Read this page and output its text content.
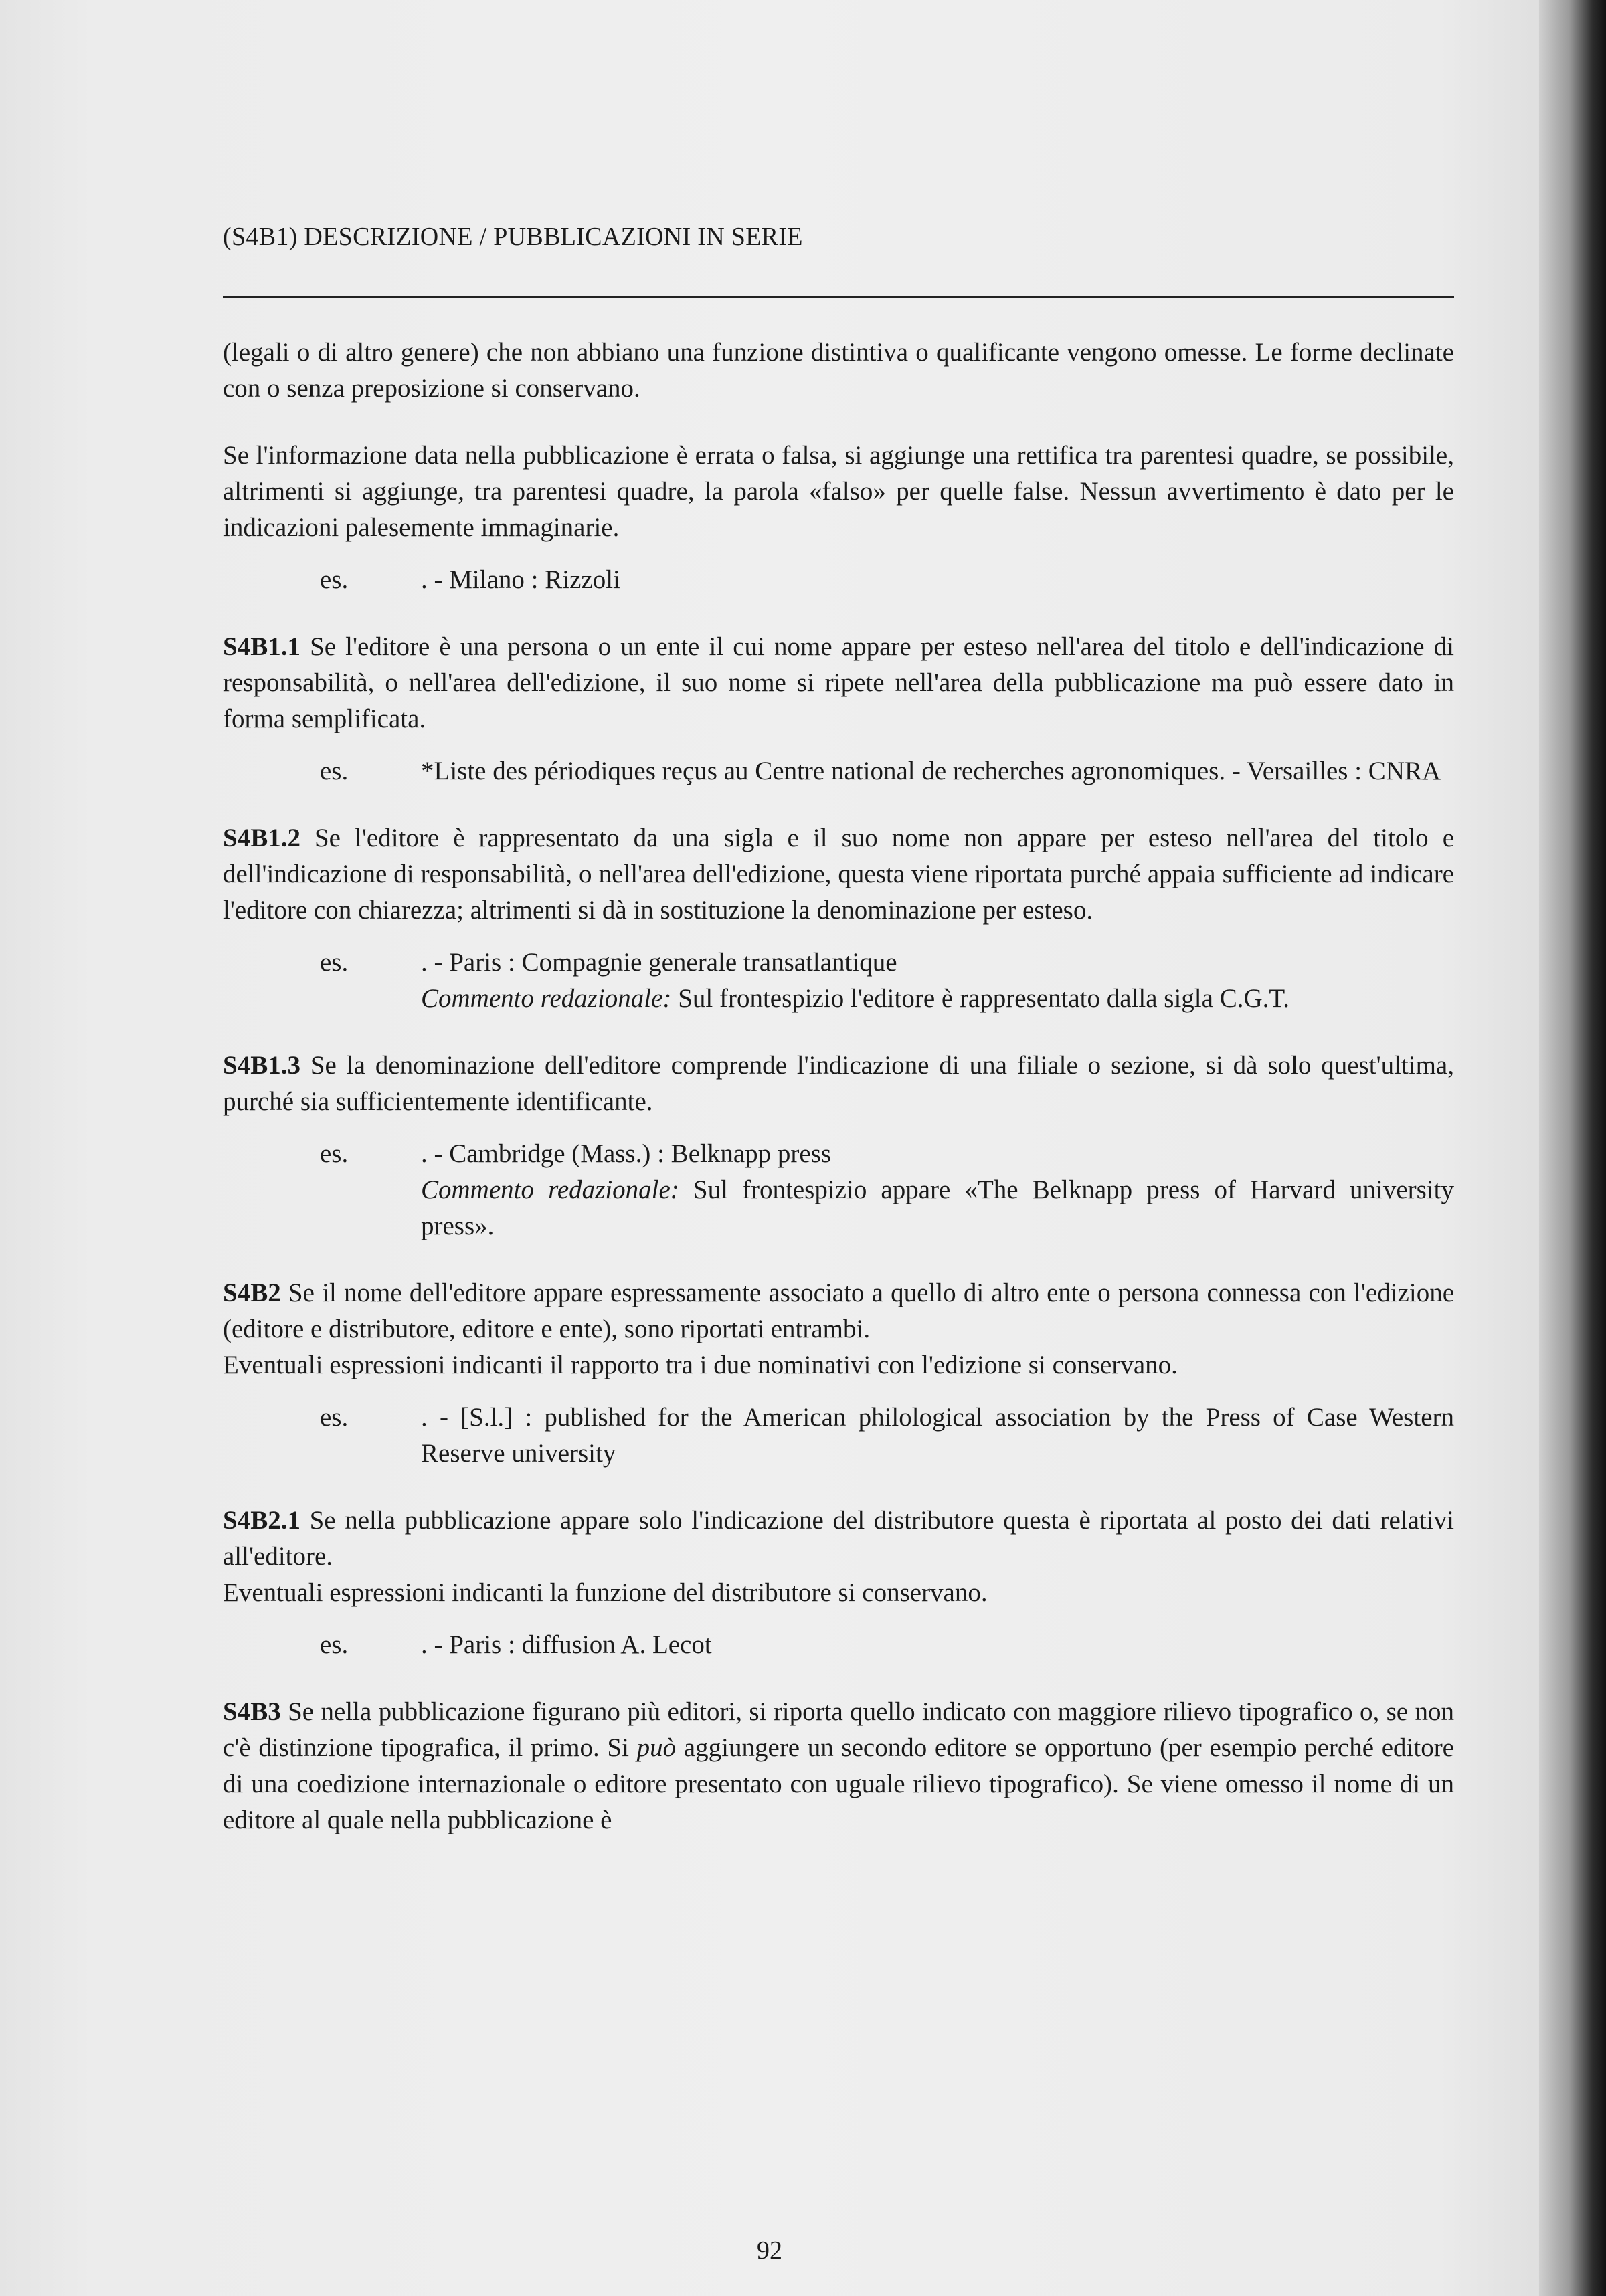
(S4B1) DESCRIZIONE / PUBBLICAZIONI IN SERIE

(legali o di altro genere) che non abbiano una funzione distintiva o qualificante vengono omesse. Le forme declinate con o senza preposizione si conservano.

Se l'informazione data nella pubblicazione è errata o falsa, si aggiunge una rettifica tra parentesi quadre, se possibile, altrimenti si aggiunge, tra parentesi quadre, la parola «falso» per quelle false. Nessun avvertimento è dato per le indicazioni palesemente immaginarie.

es.	. - Milano : Rizzoli

S4B1.1 Se l'editore è una persona o un ente il cui nome appare per esteso nell'area del titolo e dell'indicazione di responsabilità, o nell'area dell'edizione, il suo nome si ripete nell'area della pubblicazione ma può essere dato in forma semplificata.

es.	*Liste des périodiques reçus au Centre national de recherches agronomiques. - Versailles : CNRA

S4B1.2 Se l'editore è rappresentato da una sigla e il suo nome non appare per esteso nell'area del titolo e dell'indicazione di responsabilità, o nell'area dell'edizione, questa viene riportata purché appaia sufficiente ad indicare l'editore con chiarezza; altrimenti si dà in sostituzione la denominazione per esteso.

es.	. - Paris : Compagnie generale transatlantique
Commento redazionale: Sul frontespizio l'editore è rappresentato dalla sigla C.G.T.

S4B1.3 Se la denominazione dell'editore comprende l'indicazione di una filiale o sezione, si dà solo quest'ultima, purché sia sufficientemente identificante.

es.	. - Cambridge (Mass.) : Belknapp press
Commento redazionale: Sul frontespizio appare «The Belknapp press of Harvard university press».

S4B2 Se il nome dell'editore appare espressamente associato a quello di altro ente o persona connessa con l'edizione (editore e distributore, editore e ente), sono riportati entrambi.

Eventuali espressioni indicanti il rapporto tra i due nominativi con l'edizione si conservano.

es.	. - [S.l.] : published for the American philological association by the Press of Case Western Reserve university

S4B2.1 Se nella pubblicazione appare solo l'indicazione del distributore questa è riportata al posto dei dati relativi all'editore.

Eventuali espressioni indicanti la funzione del distributore si conservano.

es.	. - Paris : diffusion A. Lecot

S4B3 Se nella pubblicazione figurano più editori, si riporta quello indicato con maggiore rilievo tipografico o, se non c'è distinzione tipografica, il primo. Si può aggiungere un secondo editore se opportuno (per esempio perché editore di una coedizione internazionale o editore presentato con uguale rilievo tipografico). Se viene omesso il nome di un editore al quale nella pubblicazione è

92
